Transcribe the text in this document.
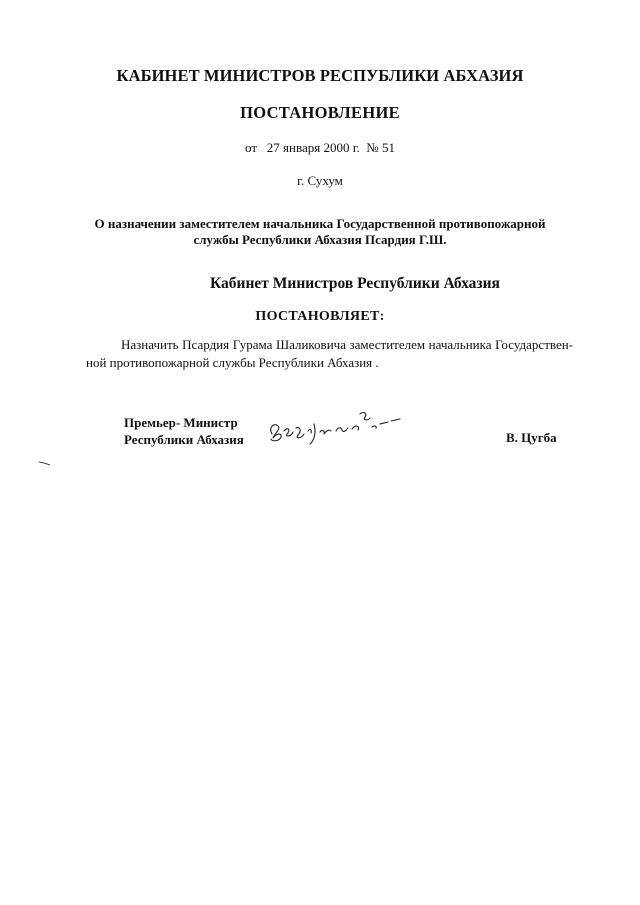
КАБИНЕТ МИНИСТРОВ РЕСПУБЛИКИ АБХАЗИЯ
ПОСТАНОВЛЕНИЕ
от   27 января 2000 г.  № 51
г. Сухум
О назначении заместителем начальника Государственной противопожарной
службы Республики Абхазия Псардия Г.Ш.
Кабинет Министров Республики Абхазия
ПОСТАНОВЛЯЕТ:
Назначить Псардия Гурама Шаликовича заместителем начальника Государствен-ной противопожарной службы Республики Абхазия .
Премьер- Министр
Республики Абхазия	В. Цугба
